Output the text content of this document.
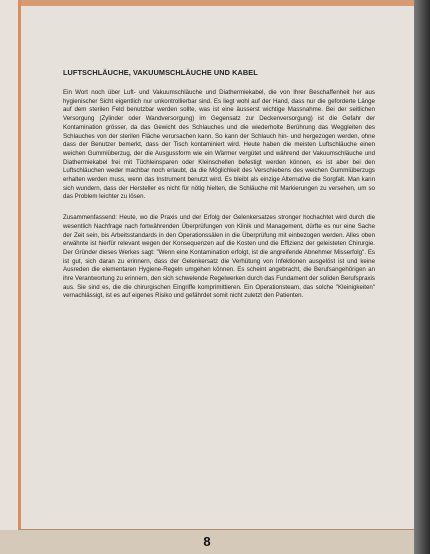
LUFTSCHLÄUCHE, VAKUUMSCHLÄUCHE UND KABEL

Ein Wort noch über Luft- und Vakuumschläuche und Diathermiekabel, die von Ihrer Beschaffenheit her aus hygienischer Sicht eigentlich nur unkontrollierbar sind. Es liegt wohl auf der Hand, dass nur die geforderte Länge auf dem sterilen Feld benutzbar werden sollte, was ist eine äusserst wichtige Massnahme. Bei der seitlichen Versorgung (Zylinder oder Wandversorgung) im Gegensatz zur Deckenversorgung) ist die Gefahr der Kontamination grösser, da das Gewicht des Schlauches und die wiederholte Berührung das Weggleiten des Schlauches von der sterilen Fläche verursachen kann. So kann der Schlauch hin- und hergezogen werden, ohne dass der Benutzer bemerkt, dass der Tisch kontaminiert wird. Heute haben die meisten Luftschläuche einen weichen Gummiüberzug, der die Ausgussform wie ein Wärmer vergütet und während der Vakuumschläuche und Diathermiekabel frei mit Tüchleinsparen oder Kleinschellen befestigt werden können, es ist aber bei den Luftschläuchen weder machbar noch erlaubt, da die Möglichkeit des Verschiebens des weichen Gummiüberzugs erhalten werden muss, wenn das Instrument benutzt wird. Es bleibt als einzige Alternative die Sorgfalt. Man kann sich wundern, dass der Hersteller es nicht für nötig hielten, die Schläuche mit Markierungen zu versehen, um so das Problem leichter zu lösen.

Zusammenfassend: Heute, wo die Praxis und der Erfolg der Gelenkersatzes stronger hochachtet wird durch die wesentlich Nachfrage nach fortwährenden Überprüfungen von Klinik und Management, dürfte es nur eine Sache der Zeit sein, bis Arbeitsstandards in den Operationssälen in die Überprüfung mit einbezogen werden. Alles oben erwähnte ist hierfür relevant wegen der Konsequenzen auf die Kosten und die Effizienz der geleisteten Chirurgie. Der Gründer dieses Werkes sagt: "Wenn eine Kontamination erfolgt, ist die angreifende Abnehmer Misserfolg". Es ist gut, sich daran zu erinnern, dass der Gelenkersatz die Verhütung von Infektionen ausgelöst ist und keine Ausreden die elementaren Hygiene-Regeln umgehen können. Es scheint angebracht, die Berufsangehörigen an ihre Verantwortung zu erinnern, den sich schwelende Regelwerken durch das Fundament der soliden Berufspraxis aus. Sie sind es, die die chirurgischen Eingriffe komprimittieren. Ein Operationsteam, das solche "Kleinigkeiten" vernachlässigt, ist es auf eigenes Risiko und gefährdet somit nicht zuletzt den Patienten.

8
